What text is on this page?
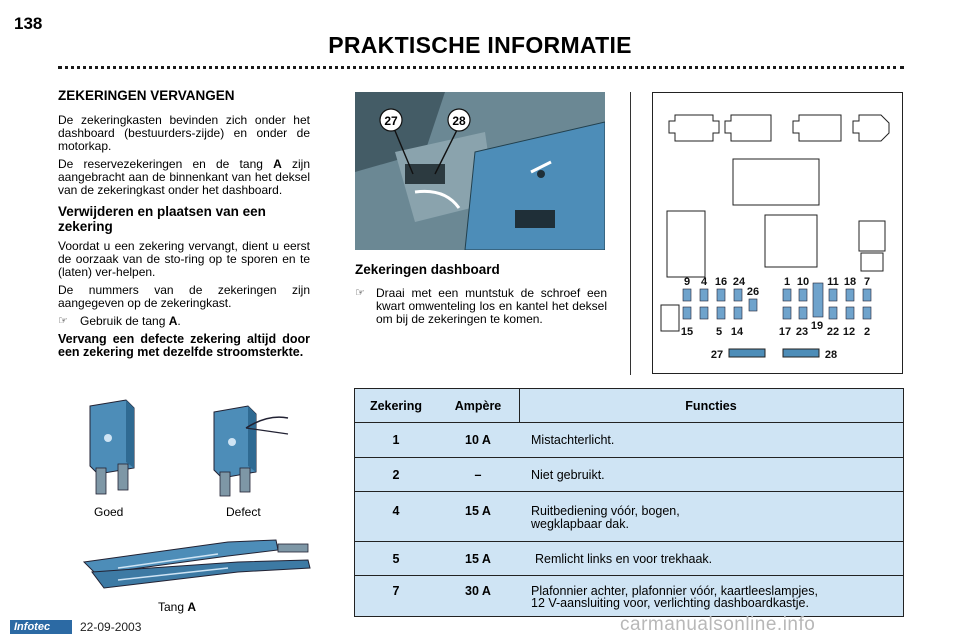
138
PRAKTISCHE INFORMATIE
ZEKERINGEN VERVANGEN

De zekeringkasten bevinden zich onder het dashboard (bestuurders-zijde) en onder de motorkap.

De reservezekeringen en de tang A zijn aangebracht aan de binnenkant van het deksel van de zekeringkast onder het dashboard.

Verwijderen en plaatsen van een zekering

Voordat u een zekering vervangt, dient u eerst de oorzaak van de sto-ring op te sporen en te (laten) ver-helpen.

De nummers van de zekeringen zijn aangegeven op de zekeringkast.

☞	Gebruik de tang A.

Vervang een defecte zekering altijd door een zekering met dezelfde stroomsterkte.

Goed	Defect
Tang A
27	28
Zekeringen dashboard
☞ Draai met een muntstuk de schroef een kwart omwenteling los en kantel het deksel om bij de zekeringen te komen.
9 4 16 24	1 10 11 18 7
26
15 5 14	17 23 19 22 12 2
27	28
Zekering	Ampère	Functies
1	10 A	Mistachterlicht.
2	–	Niet gebruikt.
4	15 A	Ruitbediening vóór, bogen,
wegklapbaar dak.
5	15 A	Remlicht links en voor trekhaak.
7	30 A	Plafonnier achter, plafonnier vóór, kaartleeslampjes,
12 V-aansluiting voor, verlichting dashboardkastje.
Infotec	22-09-2003	carmanualsonline.info
